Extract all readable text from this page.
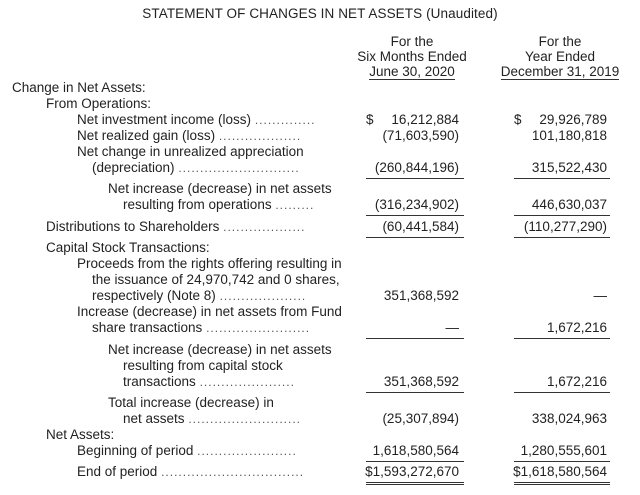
STATEMENT OF CHANGES IN NET ASSETS (Unaudited)
For the
Six Months Ended
June 30, 2020
For the
Year Ended
December 31, 2019
Change in Net Assets:
From Operations:
Net investment income (loss) ..............	$	16,212,884	$	29,926,789
Net realized gain (loss) ...................	(71,603,590)	101,180,818
Net change in unrealized appreciation
(depreciation) ............................	(260,844,196)	315,522,430
Net increase (decrease) in net assets
resulting from operations .........	(316,234,902)	446,630,037
Distributions to Shareholders ...................	(60,441,584)	(110,277,290)
Capital Stock Transactions:
Proceeds from the rights offering resulting in
the issuance of 24,970,742 and 0 shares,
respectively (Note 8) ....................	351,368,592	—
Increase (decrease) in net assets from Fund
share transactions ........................	—	1,672,216
Net increase (decrease) in net assets
resulting from capital stock
transactions ......................	351,368,592	1,672,216
Total increase (decrease) in
net assets ..........................	(25,307,894)	338,024,963
Net Assets:
Beginning of period .......................	1,618,580,564	1,280,555,601
End of period .................................	$1,593,272,670	$1,618,580,564
